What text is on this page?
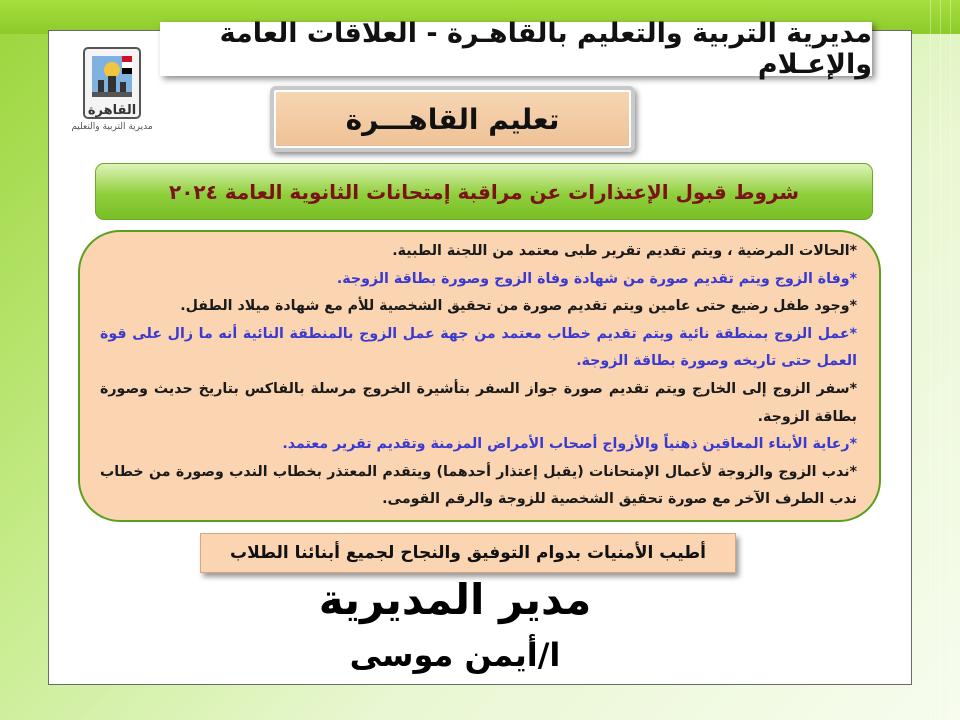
القاهرة
مديرية التربية والتعليم
مديرية التربية والتعليم بالقاهـرة - العلاقات العامة والإعـلام
تعليم القاهـــرة
شروط قبول الإعتذارات عن مراقبة إمتحانات الثانوية العامة ٢٠٢٤

*الحالات المرضية ، ويتم تقديم تقرير طبى معتمد من اللجنة الطبية.

*وفاة الزوج ويتم تقديم صورة من شهادة وفاة الزوج وصورة بطاقة الزوجة.

*وجود طفل رضيع حتى عامين ويتم تقديم صورة من تحقيق الشخصية للأم مع شهادة ميلاد الطفل.

*عمل الزوج بمنطقة نائية ويتم تقديم خطاب معتمد من جهة عمل الزوج بالمنطقة النائية أنه ما زال على قوة العمل حتى تاريخه وصورة بطاقة الزوجة.

*سفر الزوج إلى الخارج ويتم تقديم صورة جواز السفر بتأشيرة الخروج مرسلة بالفاكس بتاريخ حديث وصورة بطاقة الزوجة.

*رعاية الأبناء المعاقين ذهنياً والأزواج أصحاب الأمراض المزمنة وتقديم تقرير معتمد.

*ندب الزوج والزوجة لأعمال الإمتحانات (يقبل إعتذار أحدهما) ويتقدم المعتذر بخطاب الندب وصورة من خطاب ندب الطرف الآخر مع صورة تحقيق الشخصية للزوجة والرقم القومى.

أطيب الأمنيات بدوام التوفيق والنجاح لجميع أبنائنا الطلاب
مدير المديرية
ا/أيمن موسى
